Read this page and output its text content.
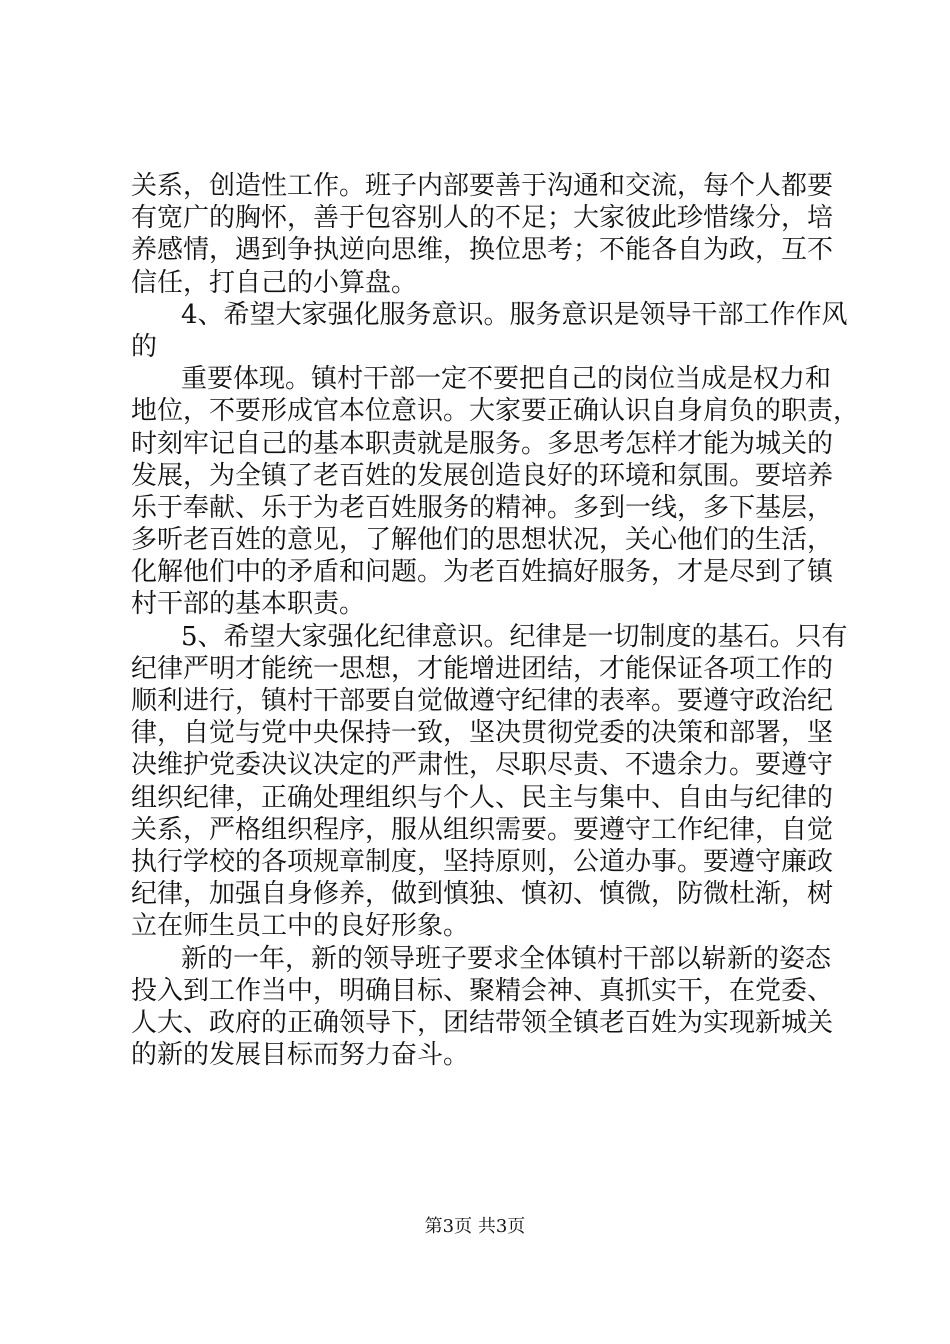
关系，创造性工作。班子内部要善于沟通和交流，每个人都要
有宽广的胸怀，善于包容别人的不足；大家彼此珍惜缘分，培
养感情，遇到争执逆向思维，换位思考；不能各自为政，互不
信任，打自己的小算盘。
4、希望大家强化服务意识。服务意识是领导干部工作作风
的
重要体现。镇村干部一定不要把自己的岗位当成是权力和
地位，不要形成官本位意识。大家要正确认识自身肩负的职责，
时刻牢记自己的基本职责就是服务。多思考怎样才能为城关的
发展，为全镇了老百姓的发展创造良好的环境和氛围。要培养
乐于奉献、乐于为老百姓服务的精神。多到一线，多下基层，
多听老百姓的意见，了解他们的思想状况，关心他们的生活，
化解他们中的矛盾和问题。为老百姓搞好服务，才是尽到了镇
村干部的基本职责。
5、希望大家强化纪律意识。纪律是一切制度的基石。只有
纪律严明才能统一思想，才能增进团结，才能保证各项工作的
顺利进行，镇村干部要自觉做遵守纪律的表率。要遵守政治纪
律，自觉与党中央保持一致，坚决贯彻党委的决策和部署，坚
决维护党委决议决定的严肃性，尽职尽责、不遗余力。要遵守
组织纪律，正确处理组织与个人、民主与集中、自由与纪律的
关系，严格组织程序，服从组织需要。要遵守工作纪律，自觉
执行学校的各项规章制度，坚持原则，公道办事。要遵守廉政
纪律，加强自身修养，做到慎独、慎初、慎微，防微杜渐，树
立在师生员工中的良好形象。
新的一年，新的领导班子要求全体镇村干部以崭新的姿态
投入到工作当中，明确目标、聚精会神、真抓实干，在党委、
人大、政府的正确领导下，团结带领全镇老百姓为实现新城关
的新的发展目标而努力奋斗。
第3页 共3页
